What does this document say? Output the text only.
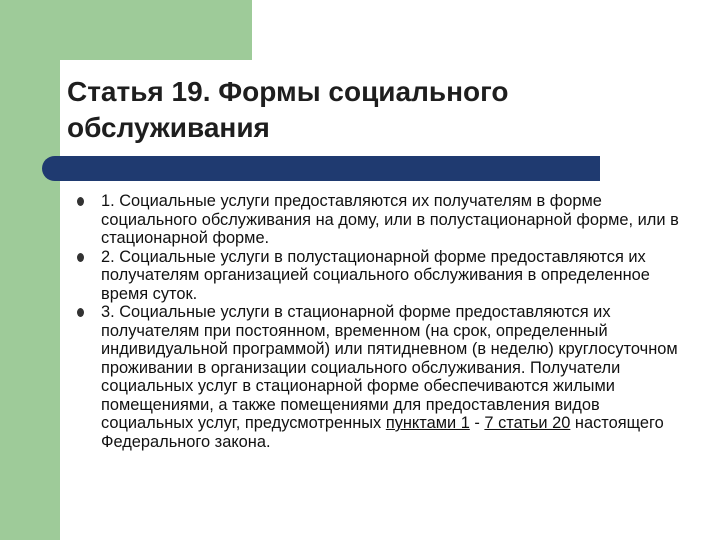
Статья 19. Формы социального
обслуживания
1. Социальные услуги предоставляются их получателям в форме социального обслуживания на дому, или в полустационарной форме, или в стационарной форме.
2. Социальные услуги в полустационарной форме предоставляются их получателям организацией социального обслуживания в определенное время суток.
3. Социальные услуги в стационарной форме предоставляются их получателям при постоянном, временном (на срок, определенный индивидуальной программой) или пятидневном (в неделю) круглосуточном проживании в организации социального обслуживания. Получатели социальных услуг в стационарной форме обеспечиваются жилыми помещениями, а также помещениями для предоставления видов социальных услуг, предусмотренных пунктами 1 - 7 статьи 20 настоящего Федерального закона.
